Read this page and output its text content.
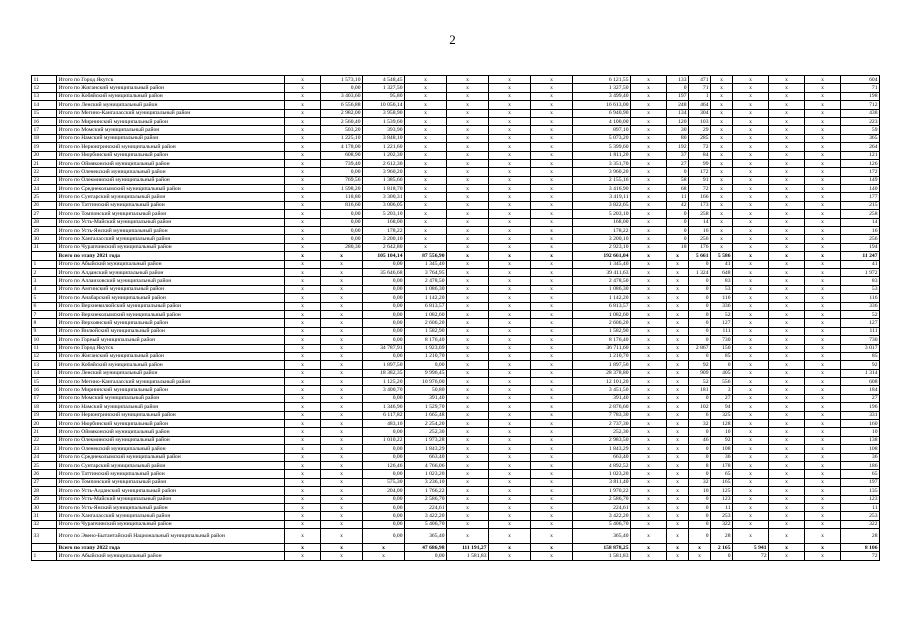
2
11	Итого по Город Якутск	x	1 573,10	4 548,45	x	x	x	x	6 121,55	x	133	471	x	x	x	x	604
12	Итого по Жиганский муниципальный район	x	0,00	1 327,50	x	x	x	x	1 327,50	x	0	71	x	x	x	x	71
13	Итого по Кобяйский муниципальный район	x	3 403,60	95,80	x	x	x	x	3 499,40	x	197	1	x	x	x	x	198
14	Итого по Ленский муниципальный район	x	6 556,88	10 056,14	x	x	x	x	16 613,00	x	248	464	x	x	x	x	712
15	Итого по Мегино-Кангаласский муниципальный район	x	2 982,00	3 958,90	x	x	x	x	6 940,90	x	134	304	x	x	x	x	438
16	Итого по Мирнинский муниципальный район	x	2 560,40	1 539,60	x	x	x	x	4 100,00	x	120	103	x	x	x	x	223
17	Итого по Момский муниципальный район	x	503,20	393,90	x	x	x	x	897,10	x	30	29	x	x	x	x	59
18	Итого по Намский муниципальный район	x	1 225,10	3 848,10	x	x	x	x	5 073,20	x	80	285	x	x	x	x	365
19	Итого по Нерюнгринский муниципальный район	x	4 178,00	1 221,60	x	x	x	x	5 399,60	x	192	72	x	x	x	x	264
20	Итого по Нюрбинский муниципальный район	x	608,90	1 202,30	x	x	x	x	1 811,20	x	37	84	x	x	x	x	121
21	Итого по Оймяконский муниципальный район	x	739,40	2 612,30	x	x	x	x	3 351,70	x	27	99	x	x	x	x	126
22	Итого по Оленекский муниципальный район	x	0,00	3 960,20	x	x	x	x	3 960,20	x	0	172	x	x	x	x	172
23	Итого по Олекминский муниципальный район	x	769,56	1 385,60	x	x	x	x	2 155,16	x	58	91	x	x	x	x	149
24	Итого по Среднеколымский муниципальный район	x	1 598,20	1 818,70	x	x	x	x	3 416,90	x	68	72	x	x	x	x	140
25	Итого по Сунтарский муниципальный район	x	118,80	3 300,31	x	x	x	x	3 419,11	x	11	166	x	x	x	x	177
26	Итого по Таттинский муниципальный район	x	816,60	3 006,05	x	x	x	x	3 822,65	x	42	173	x	x	x	x	215
27	Итого по Томпонский муниципальный район	x	0,00	5 203,10	x	x	x	x	5 203,10	x	0	258	x	x	x	x	258
28	Итого по Усть-Майский муниципальный район	x	0,00	168,00	x	x	x	x	168,00	x	0	14	x	x	x	x	14
29	Итого по Усть-Янский муниципальный район	x	0,00	178,22	x	x	x	x	178,22	x	0	16	x	x	x	x	16
30	Итого по Хангаласский муниципальный район	x	0,00	3 200,10	x	x	x	x	3 200,10	x	0	256	x	x	x	x	256
31	Итого по Чурапчинский муниципальный район	x	280,30	2 642,80	x	x	x	x	2 923,10	x	18	176	x	x	x	x	194
	Всего по этапу 2021 года	x	x	105 104,14	87 556,90	x	x	x	192 661,04	x	x	5 661	5 586	x	x	x	11 247
1	Итого по Абыйский муниципальный район	x	x	0,00	1 345,40	x	x	x	1 345,40	x	x	0	41	x	x	x	41
2	Итого по Алданский муниципальный район	x	x	35 646,68	3 764,95	x	x	x	39 411,63	x	x	1 324	648	x	x	x	1 972
3	Итого по Аллаиховский муниципальный район	x	x	0,00	2 478,50	x	x	x	2 478,50	x	x	0	83	x	x	x	83
4	Итого по Амгинский муниципальный район	x	x	0,00	1 086,30	x	x	x	1 086,30	x	x	0	53	x	x	x	53
5	Итого по Анабарский муниципальный район	x	x	0,00	1 142,20	x	x	x	1 142,20	x	x	0	116	x	x	x	116
6	Итого по Верхневилюйский муниципальный район	x	x	0,00	6 813,57	x	x	x	6 813,57	x	x	0	336	x	x	x	336
7	Итого по Верхнеколымский муниципальный район	x	x	0,00	1 082,60	x	x	x	1 082,60	x	x	0	52	x	x	x	52
8	Итого по Верхоянский муниципальный район	x	x	0,00	2 606,20	x	x	x	2 606,20	x	x	0	127	x	x	x	127
9	Итого по Вилюйский муниципальный район	x	x	0,00	1 582,90	x	x	x	1 582,90	x	x	0	111	x	x	x	111
10	Итого по Горный муниципальный район	x	x	0,00	8 176,40	x	x	x	8 176,40	x	x	0	730	x	x	x	730
11	Итого по Город Якутск	x	x	34 787,91	1 923,69	x	x	x	36 711,60	x	x	2 867	150	x	x	x	3 017
12	Итого по Жиганский муниципальный район	x	x	0,00	1 210,70	x	x	x	1 210,70	x	x	0	85	x	x	x	85
13	Итого по Кобяйский муниципальный район	x	x	1 897,50	0,00	x	x	x	1 897,50	x	x	92	0	x	x	x	92
14	Итого по Ленский муниципальный район	x	x	18 382,35	9 996,45	x	x	x	28 378,80	x	x	909	405	x	x	x	1 314
15	Итого по Мегино-Кангаласский муниципальный район	x	x	1 125,20	10 976,00	x	x	x	12 101,20	x	x	52	556	x	x	x	608
16	Итого по Мирнинский муниципальный район	x	x	3 400,70	50,80	x	x	x	3 451,50	x	x	181	3	x	x	x	184
17	Итого по Момский муниципальный район	x	x	0,00	391,40	x	x	x	391,40	x	x	0	27	x	x	x	27
18	Итого по Намский муниципальный район	x	x	1 346,90	1 529,70	x	x	x	2 876,60	x	x	102	94	x	x	x	196
19	Итого по Нерюнгринский муниципальный район	x	x	6 117,82	1 665,48	x	x	x	7 783,30	x	x	6	325	x	x	x	331
20	Итого по Нюрбинский муниципальный район	x	x	483,10	2 254,20	x	x	x	2 737,30	x	x	32	128	x	x	x	160
21	Итого по Оймяконский муниципальный район	x	x	0,00	252,30	x	x	x	252,30	x	x	0	10	x	x	x	10
22	Итого по Олекминский муниципальный район	x	x	1 010,22	1 973,28	x	x	x	2 983,50	x	x	46	92	x	x	x	138
23	Итого по Оленекский муниципальный район	x	x	0,00	1 843,29	x	x	x	1 843,29	x	x	0	108	x	x	x	108
24	Итого по Среднеколымский муниципальный район	x	x	0,00	663,40	x	x	x	663,40	x	x	0	36	x	x	x	36
25	Итого по Сунтарский муниципальный район	x	x	126,46	4 766,06	x	x	x	4 892,52	x	x	8	178	x	x	x	186
26	Итого по Таттинский муниципальный район	x	x	0,00	1 023,20	x	x	x	1 023,20	x	x	0	65	x	x	x	65
27	Итого по Томпонский муниципальный район	x	x	575,30	3 236,10	x	x	x	3 811,40	x	x	32	165	x	x	x	197
28	Итого по Усть-Алданский муниципальный район	x	x	204,00	1 766,22	x	x	x	1 970,22	x	x	10	125	x	x	x	135
29	Итого по Усть-Майский муниципальный район	x	x	0,00	2 586,70	x	x	x	2 586,70	x	x	0	123	x	x	x	123
30	Итого по Усть-Янский муниципальный район	x	x	0,00	224,61	x	x	x	224,61	x	x	0	11	x	x	x	11
31	Итого по Хангаласский муниципальный район	x	x	0,00	3 422,20	x	x	x	3 422,20	x	x	0	253	x	x	x	253
32	Итого по Чурапчинский муниципальный район	x	x	0,00	5 406,70	x	x	x	5 406,70	x	x	0	322	x	x	x	322
33	Итого по Эвено-Бытантайский Национальный муниципальный район	x	x	0,00	365,40	x	x	x	365,40	x	x	0	28	x	x	x	28
	Всего по этапу 2022 года	x	x	x	47 686,98	111 191,27	x	x	158 878,25	x	x	x	2 165	5 941	x	x	8 106
1	Итого по Абыйский муниципальный район	x	x	x	0,00	1 581,83	x	x	1 581,83	x	x	x	0	72	x	x	72
